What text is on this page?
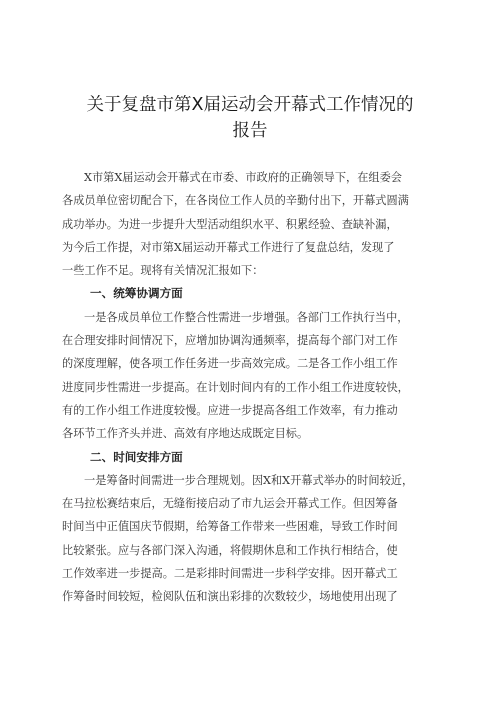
关于复盘市第X届运动会开幕式工作情况的
报告
X市第X届运动会开幕式在市委、市政府的正确领导下，在组委会
各成员单位密切配合下，在各岗位工作人员的辛勤付出下，开幕式圆满
成功举办。为进一步提升大型活动组织水平、积累经验、查缺补漏，
为今后工作提，对市第X届运动开幕式工作进行了复盘总结，发现了
一些工作不足。现将有关情况汇报如下：
一、统筹协调方面
一是各成员单位工作整合性需进一步增强。各部门工作执行当中，
在合理安排时间情况下，应增加协调沟通频率，提高每个部门对工作
的深度理解，使各项工作任务进一步高效完成。二是各工作小组工作
进度同步性需进一步提高。在计划时间内有的工作小组工作进度较快，
有的工作小组工作进度较慢。应进一步提高各组工作效率，有力推动
各环节工作齐头并进、高效有序地达成既定目标。
二、时间安排方面
一是筹备时间需进一步合理规划。因X和X开幕式举办的时间较近，
在马拉松赛结束后，无缝衔接启动了市九运会开幕式工作。但因筹备
时间当中正值国庆节假期，给筹备工作带来一些困难，导致工作时间
比较紧张。应与各部门深入沟通，将假期休息和工作执行相结合，使
工作效率进一步提高。二是彩排时间需进一步科学安排。因开幕式工
作筹备时间较短，检阅队伍和演出彩排的次数较少，场地使用出现了
